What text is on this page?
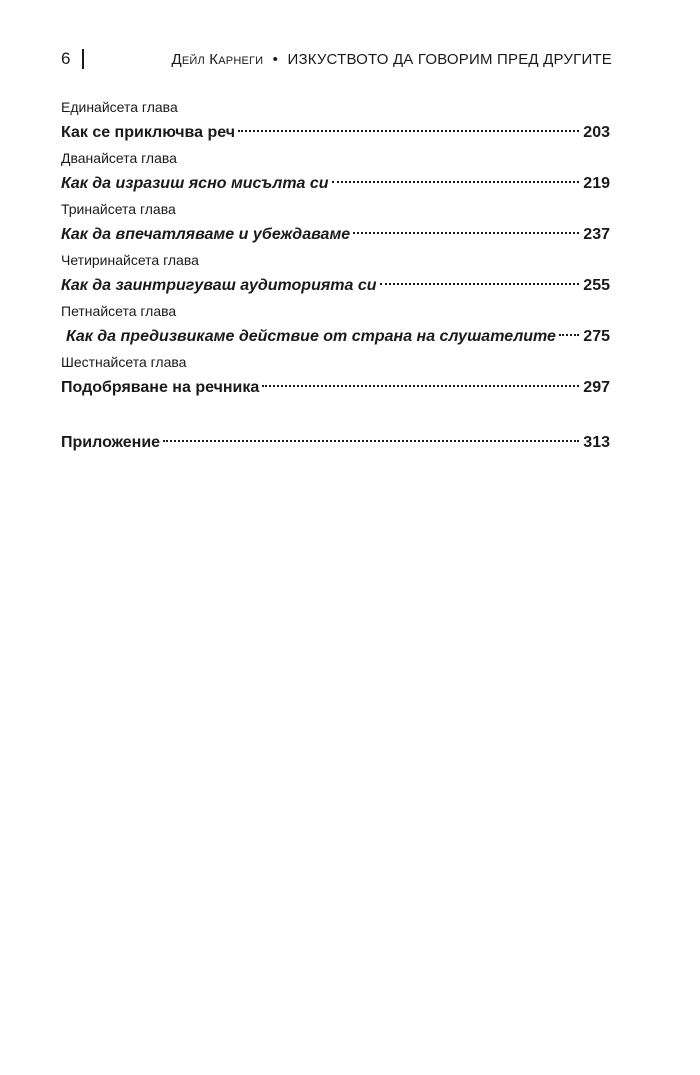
6	Дейл Карнеги • ИЗКУСТВОТО ДА ГОВОРИМ ПРЕД ДРУГИТЕ
Единайсета глава
Как се приключва реч	203
Дванайсета глава
Как да изразиш ясно мисълта си	219
Тринайсета глава
Как да впечатляваме и убеждаваме	237
Четиринайсета глава
Как да заинтригуваш аудиторията си	255
Петнайсета глава
Как да предизвикаме действие от страна на слушателите 275
Шестнайсета глава
Подобряване на речника	297
Приложение	313
